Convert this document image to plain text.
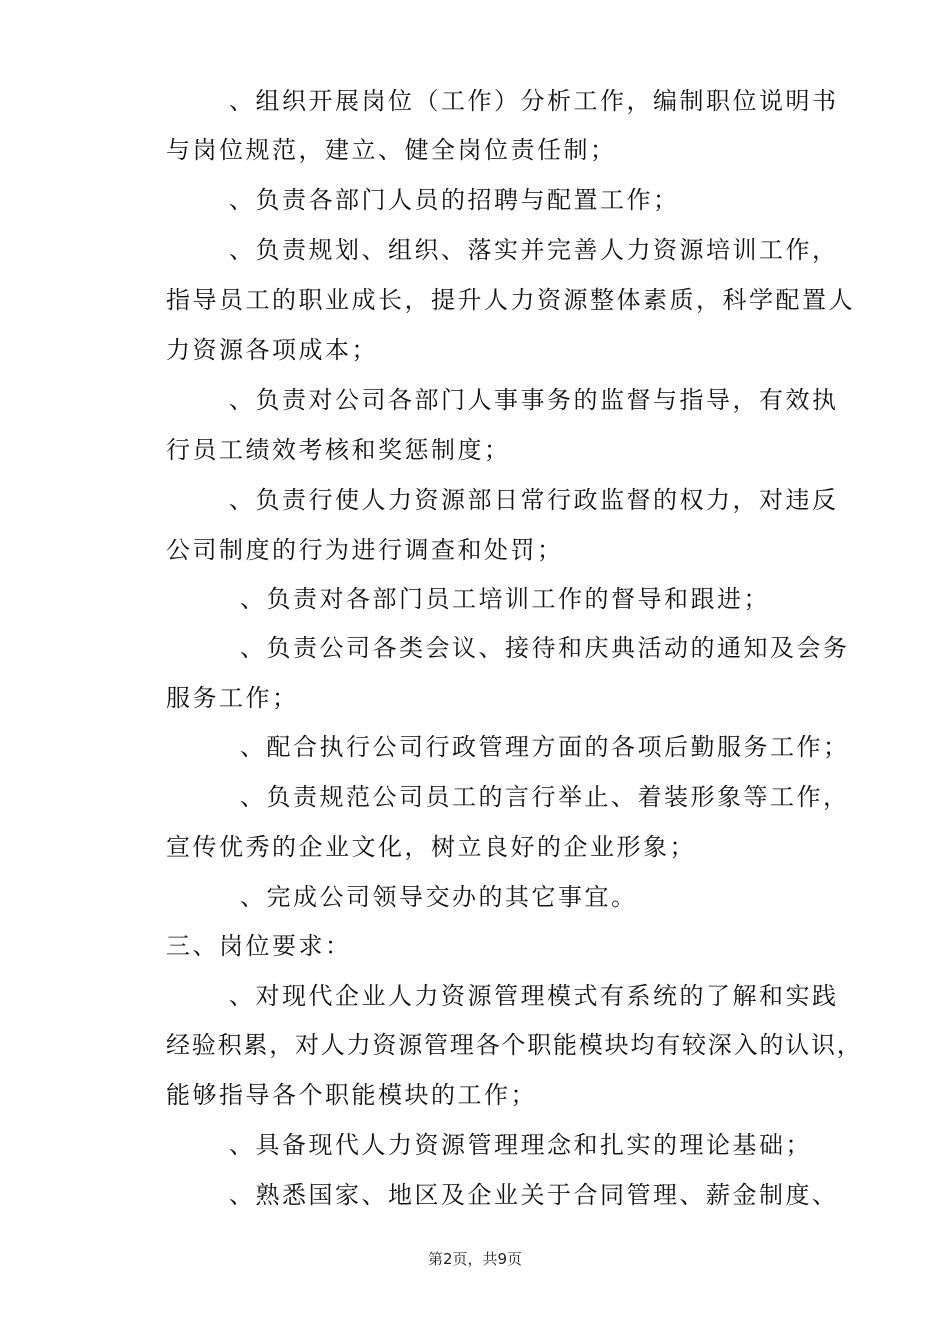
、组织开展岗位（工作）分析工作，编制职位说明书
与岗位规范，建立、健全岗位责任制；
、负责各部门人员的招聘与配置工作；
、负责规划、组织、落实并完善人力资源培训工作，
指导员工的职业成长，提升人力资源整体素质，科学配置人
力资源各项成本；
、负责对公司各部门人事事务的监督与指导，有效执
行员工绩效考核和奖惩制度；
、负责行使人力资源部日常行政监督的权力，对违反
公司制度的行为进行调查和处罚；
、负责对各部门员工培训工作的督导和跟进；
、负责公司各类会议、接待和庆典活动的通知及会务
服务工作；
、配合执行公司行政管理方面的各项后勤服务工作；
、负责规范公司员工的言行举止、着装形象等工作，
宣传优秀的企业文化，树立良好的企业形象；
、完成公司领导交办的其它事宜。
三、岗位要求：
、对现代企业人力资源管理模式有系统的了解和实践
经验积累，对人力资源管理各个职能模块均有较深入的认识，
能够指导各个职能模块的工作；
、具备现代人力资源管理理念和扎实的理论基础；
、熟悉国家、地区及企业关于合同管理、薪金制度、
第2页，共9页
